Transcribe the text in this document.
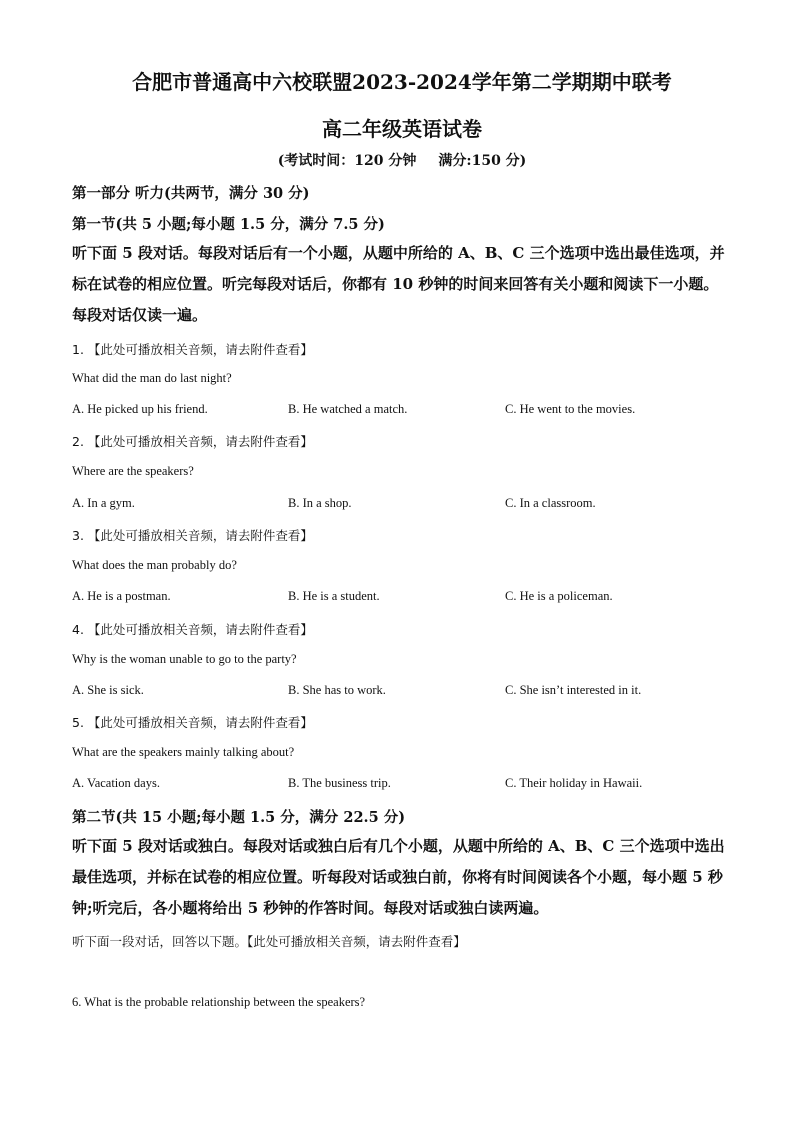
合肥市普通高中六校联盟2023-2024学年第二学期期中联考
高二年级英语试卷
(考试时间：120 分钟 满分:150 分)
第一部分 听力(共两节，满分 30 分)
第一节(共 5 小题;每小题 1.5 分，满分 7.5 分)
听下面 5 段对话。每段对话后有一个小题，从题中所给的 A、B、C 三个选项中选出最佳选项，并标在试卷的相应位置。听完每段对话后，你都有 10 秒钟的时间来回答有关小题和阅读下一小题。每段对话仅读一遍。
1. 【此处可播放相关音频，请去附件查看】
What did the man do last night?
A. He picked up his friend.	B. He watched a match.	C. He went to the movies.
2. 【此处可播放相关音频，请去附件查看】
Where are the speakers?
A. In a gym.	B. In a shop.	C. In a classroom.
3. 【此处可播放相关音频，请去附件查看】
What does the man probably do?
A. He is a postman.	B. He is a student.	C. He is a policeman.
4. 【此处可播放相关音频，请去附件查看】
Why is the woman unable to go to the party?
A. She is sick.	B. She has to work.	C. She isn’t interested in it.
5. 【此处可播放相关音频，请去附件查看】
What are the speakers mainly talking about?
A. Vacation days.	B. The business trip.	C. Their holiday in Hawaii.
第二节(共 15 小题;每小题 1.5 分，满分 22.5 分)
听下面 5 段对话或独白。每段对话或独白后有几个小题，从题中所给的 A、B、C 三个选项中选出最佳选项，并标在试卷的相应位置。听每段对话或独白前，你将有时间阅读各个小题，每小题 5 秒钟;听完后，各小题将给出 5 秒钟的作答时间。每段对话或独白读两遍。
听下面一段对话，回答以下题。【此处可播放相关音频，请去附件查看】
6. What is the probable relationship between the speakers?
